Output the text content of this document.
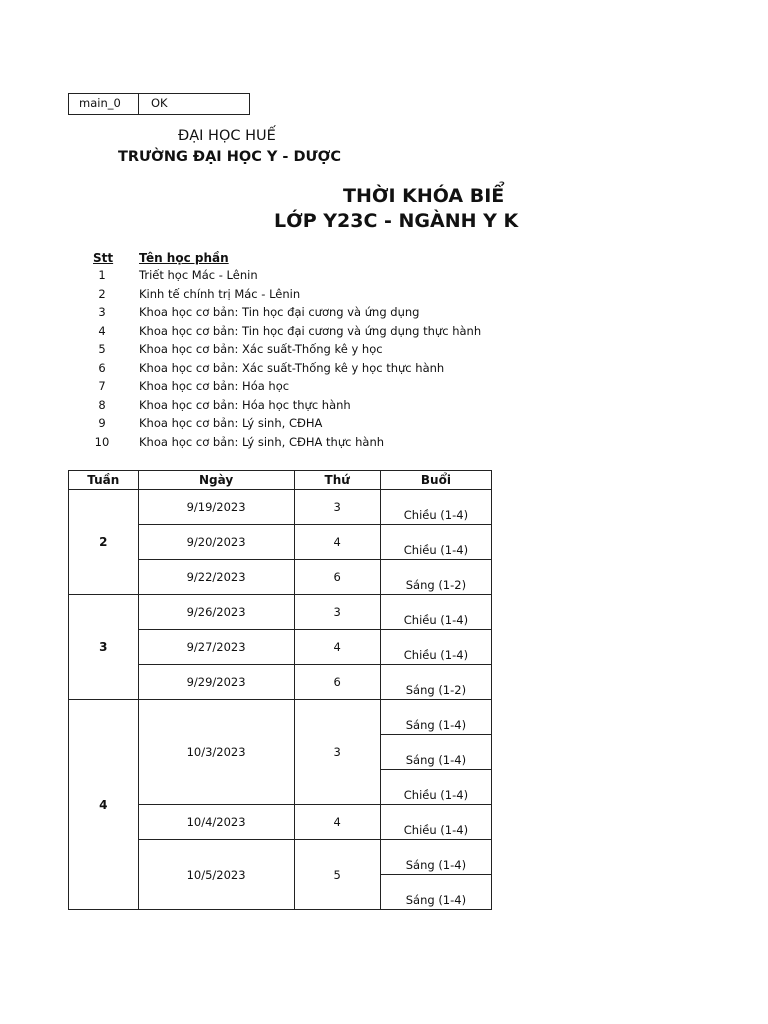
main_0	OK
ĐẠI HỌC HUẾ
TRƯỜNG ĐẠI HỌC Y - DƯỢC
THỜI KHÓA BIỂ
LỚP Y23C - NGÀNH Y K
Stt Tên học phần
1	Triết học Mác - Lênin
2	Kinh tế chính trị Mác - Lênin
3	Khoa học cơ bản: Tin học đại cương và ứng dụng
4	Khoa học cơ bản: Tin học đại cương và ứng dụng thực hành
5	Khoa học cơ bản: Xác suất-Thống kê y học
6	Khoa học cơ bản: Xác suất-Thống kê y học thực hành
7	Khoa học cơ bản: Hóa học
8	Khoa học cơ bản: Hóa học thực hành
9	Khoa học cơ bản: Lý sinh, CĐHA
10	Khoa học cơ bản: Lý sinh, CĐHA thực hành
Tuần	Ngày	Thứ	Buổi
2	9/19/2023	3	Chiều (1-4)
	9/20/2023	4	Chiều (1-4)
	9/22/2023	6	Sáng (1-2)
3	9/26/2023	3	Chiều (1-4)
	9/27/2023	4	Chiều (1-4)
	9/29/2023	6	Sáng (1-2)
4	10/3/2023	3	Sáng (1-4)
			Sáng (1-4)
			Chiều (1-4)
	10/4/2023	4	Chiều (1-4)
	10/5/2023	5	Sáng (1-4)
			Sáng (1-4)
